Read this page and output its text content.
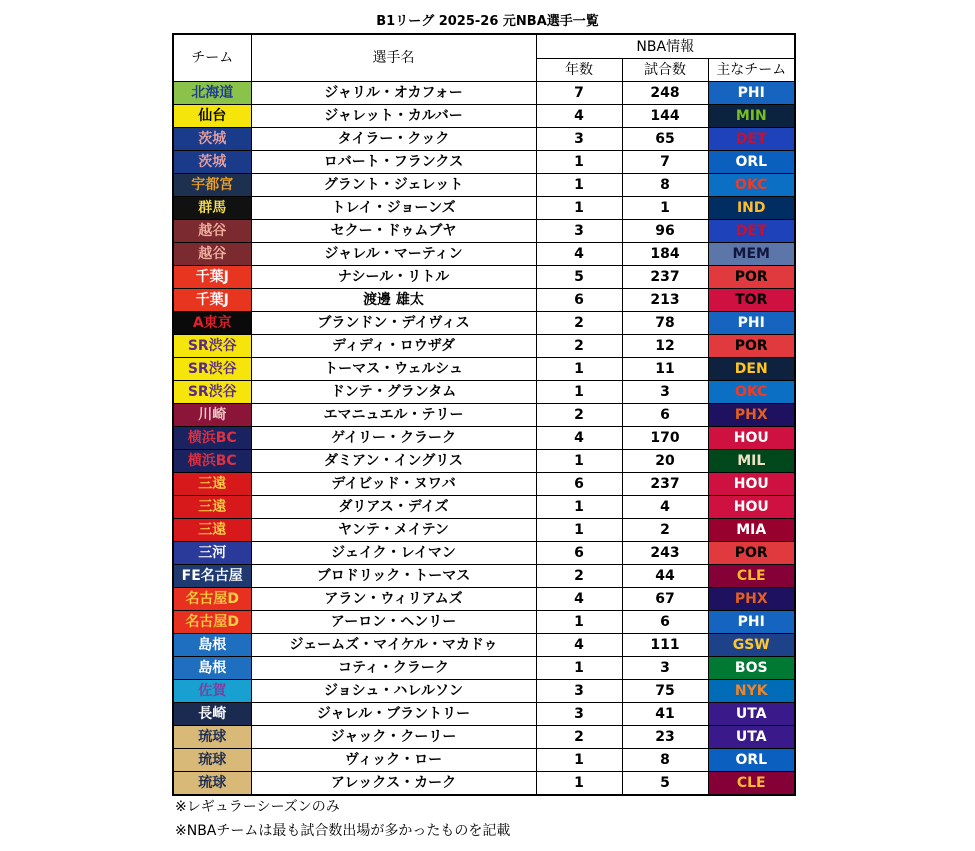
B1リーグ 2025-26 元NBA選手一覧
チーム	選手名	NBA情報		
		年数	試合数	主なチーム
北海道	ジャリル・オカフォー	7	248	PHI
仙台	ジャレット・カルバー	4	144	MIN
茨城	タイラー・クック	3	65	DET
茨城	ロバート・フランクス	1	7	ORL
宇都宮	グラント・ジェレット	1	8	OKC
群馬	トレイ・ジョーンズ	1	1	IND
越谷	セクー・ドゥムブヤ	3	96	DET
越谷	ジャレル・マーティン	4	184	MEM
千葉J	ナシール・リトル	5	237	POR
千葉J	渡邊 雄太	6	213	TOR
A東京	ブランドン・デイヴィス	2	78	PHI
SR渋谷	ディディ・ロウザダ	2	12	POR
SR渋谷	トーマス・ウェルシュ	1	11	DEN
SR渋谷	ドンテ・グランタム	1	3	OKC
川崎	エマニュエル・テリー	2	6	PHX
横浜BC	ゲイリー・クラーク	4	170	HOU
横浜BC	ダミアン・イングリス	1	20	MIL
三遠	デイビッド・ヌワバ	6	237	HOU
三遠	ダリアス・デイズ	1	4	HOU
三遠	ヤンテ・メイテン	1	2	MIA
三河	ジェイク・レイマン	6	243	POR
FE名古屋	ブロドリック・トーマス	2	44	CLE
名古屋D	アラン・ウィリアムズ	4	67	PHX
名古屋D	アーロン・ヘンリー	1	6	PHI
島根	ジェームズ・マイケル・マカドゥ	4	111	GSW
島根	コティ・クラーク	1	3	BOS
佐賀	ジョシュ・ハレルソン	3	75	NYK
長崎	ジャレル・ブラントリー	3	41	UTA
琉球	ジャック・クーリー	2	23	UTA
琉球	ヴィック・ロー	1	8	ORL
琉球	アレックス・カーク	1	5	CLE
※レギュラーシーズンのみ
※NBAチームは最も試合数出場が多かったものを記載
